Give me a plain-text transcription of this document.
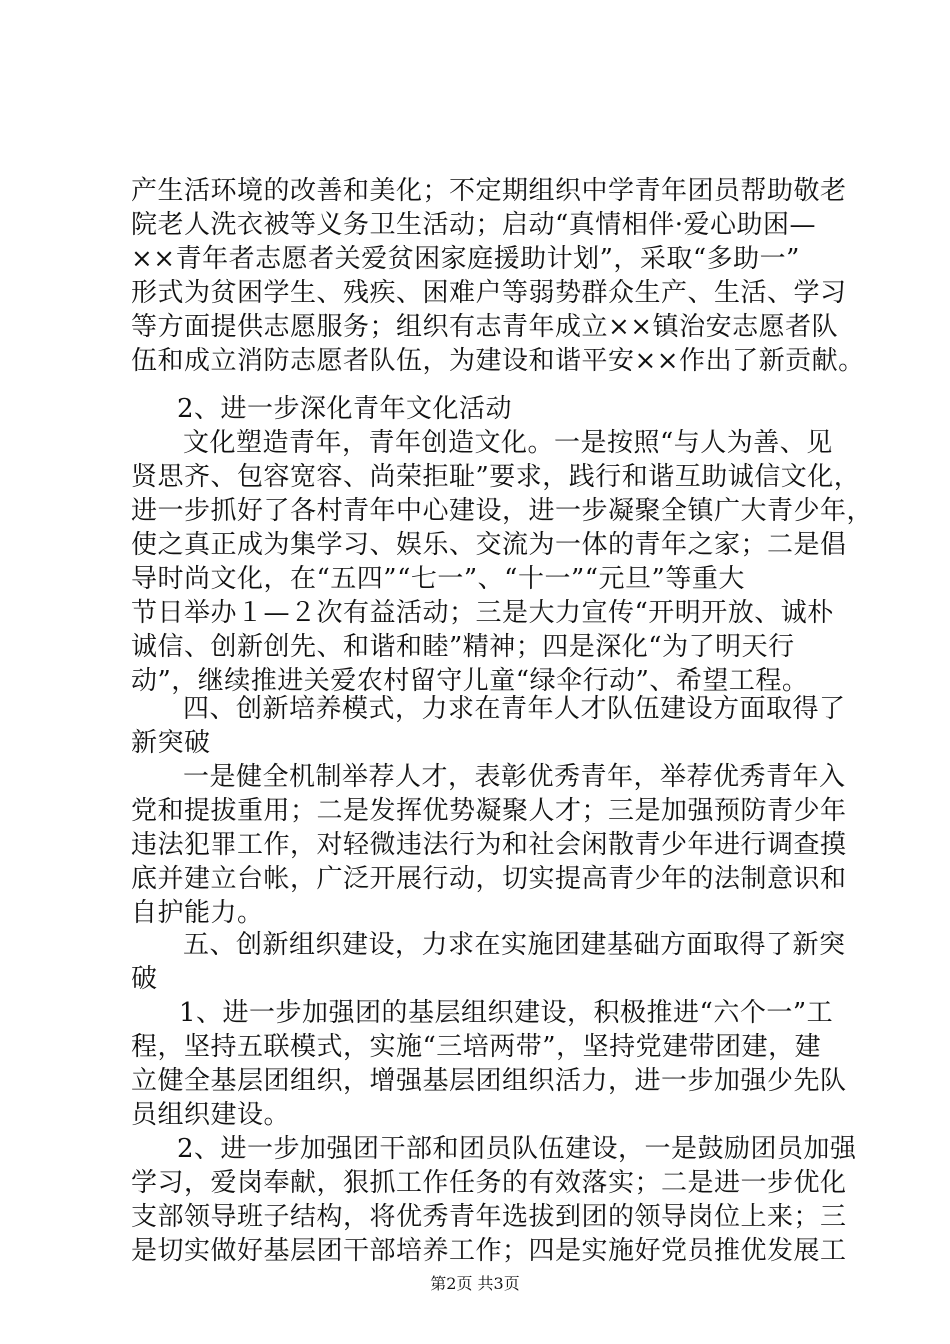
产生活环境的改善和美化；不定期组织中学青年团员帮助敬老
院老人洗衣被等义务卫生活动；启动“真情相伴·爱心助困—
××青年者志愿者关爱贫困家庭援助计划”，采取“多助一”
形式为贫困学生、残疾、困难户等弱势群众生产、生活、学习
等方面提供志愿服务；组织有志青年成立××镇治安志愿者队
伍和成立消防志愿者队伍，为建设和谐平安××作出了新贡献。
2、进一步深化青年文化活动
文化塑造青年，青年创造文化。一是按照“与人为善、见
贤思齐、包容宽容、尚荣拒耻”要求，践行和谐互助诚信文化，
进一步抓好了各村青年中心建设，进一步凝聚全镇广大青少年，
使之真正成为集学习、娱乐、交流为一体的青年之家；二是倡
导时尚文化，在“五四”“七一”、“十一”“元旦”等重大
节日举办１—２次有益活动；三是大力宣传“开明开放、诚朴
诚信、创新创先、和谐和睦”精神；四是深化“为了明天行
动”，继续推进关爱农村留守儿童“绿伞行动”、希望工程。
四、创新培养模式，力求在青年人才队伍建设方面取得了
新突破
一是健全机制举荐人才，表彰优秀青年，举荐优秀青年入
党和提拔重用；二是发挥优势凝聚人才；三是加强预防青少年
违法犯罪工作，对轻微违法行为和社会闲散青少年进行调查摸
底并建立台帐，广泛开展行动，切实提高青少年的法制意识和
自护能力。
五、创新组织建设，力求在实施团建基础方面取得了新突
破
1、进一步加强团的基层组织建设，积极推进“六个一”工
程，坚持五联模式，实施“三培两带”，坚持党建带团建，建
立健全基层团组织，增强基层团组织活力，进一步加强少先队
员组织建设。
2、进一步加强团干部和团员队伍建设，一是鼓励团员加强
学习，爱岗奉献，狠抓工作任务的有效落实；二是进一步优化
支部领导班子结构，将优秀青年选拔到团的领导岗位上来；三
是切实做好基层团干部培养工作；四是实施好党员推优发展工
第2页 共3页
